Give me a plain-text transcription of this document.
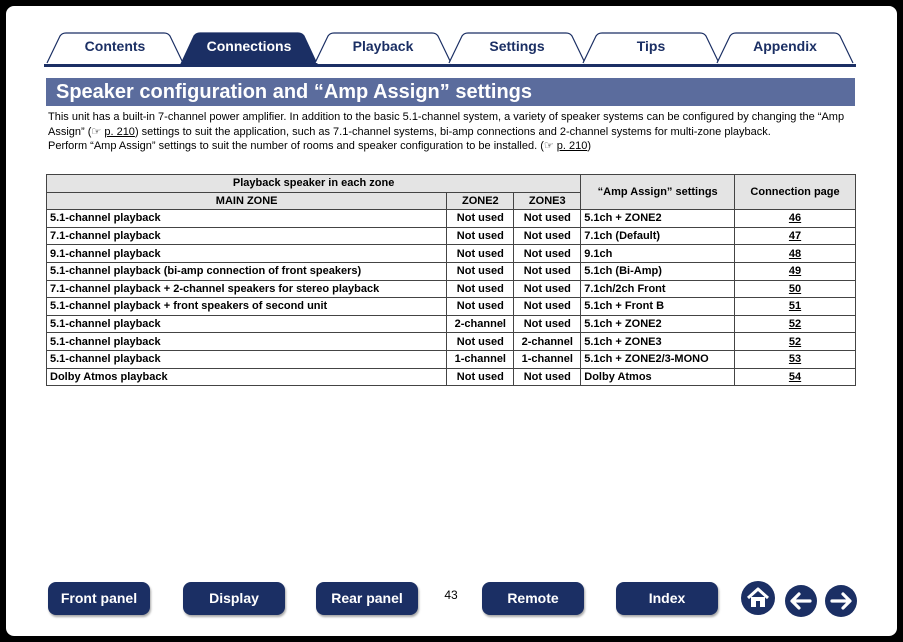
Contents	Connections	Playback	Settings	Tips	Appendix
Speaker configuration and “Amp Assign” settings

This unit has a built-in 7-channel power amplifier. In addition to the basic 5.1-channel system, a variety of speaker systems can be configured by changing the “Amp Assign” (☞ p. 210) settings to suit the application, such as 7.1-channel systems, bi-amp connections and 2-channel systems for multi-zone playback.

Perform “Amp Assign” settings to suit the number of rooms and speaker configuration to be installed. (☞ p. 210)

Playback speaker in each zone			“Amp Assign” settings	Connection page
MAIN ZONE	ZONE2	ZONE3		
5.1-channel playback	Not used	Not used	5.1ch + ZONE2	46
7.1-channel playback	Not used	Not used	7.1ch (Default)	47
9.1-channel playback	Not used	Not used	9.1ch	48
5.1-channel playback (bi-amp connection of front speakers)	Not used	Not used	5.1ch (Bi-Amp)	49
7.1-channel playback + 2-channel speakers for stereo playback	Not used	Not used	7.1ch/2ch Front	50
5.1-channel playback + front speakers of second unit	Not used	Not used	5.1ch + Front B	51
5.1-channel playback	2-channel	Not used	5.1ch + ZONE2	52
5.1-channel playback	Not used	2-channel	5.1ch + ZONE3	52
5.1-channel playback	1-channel	1-channel	5.1ch + ZONE2/3-MONO	53
Dolby Atmos playback	Not used	Not used	Dolby Atmos	54
Front panel	Display	Rear panel	43	Remote	Index
